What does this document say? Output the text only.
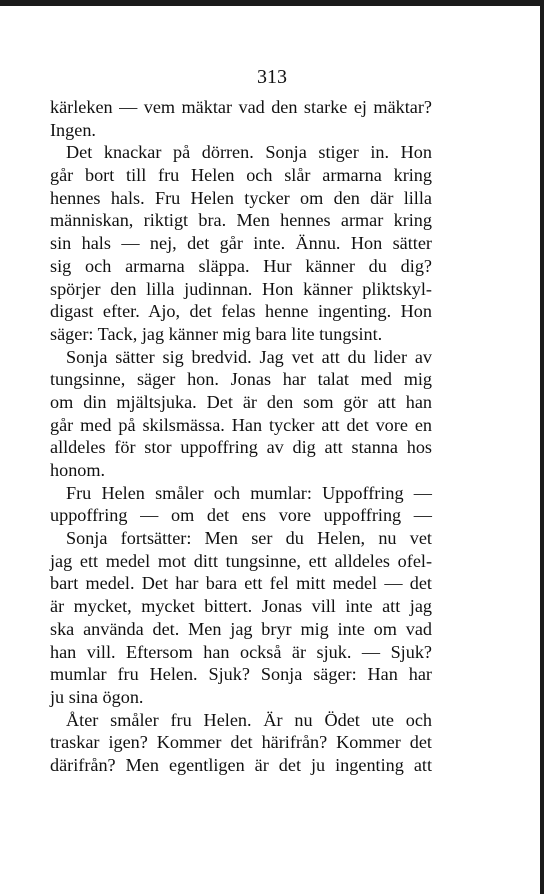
313
kärleken — vem mäktar vad den starke ej mäktar?
Ingen.
Det knackar på dörren. Sonja stiger in. Hon
går bort till fru Helen och slår armarna kring
hennes hals. Fru Helen tycker om den där lilla
människan, riktigt bra. Men hennes armar kring
sin hals — nej, det går inte. Ännu. Hon sätter
sig och armarna släppa. Hur känner du dig?
spörjer den lilla judinnan. Hon känner pliktskyl-
digast efter. Ajo, det felas henne ingenting. Hon
säger: Tack, jag känner mig bara lite tungsint.
Sonja sätter sig bredvid. Jag vet att du lider av
tungsinne, säger hon. Jonas har talat med mig
om din mjältsjuka. Det är den som gör att han
går med på skilsmässa. Han tycker att det vore en
alldeles för stor uppoffring av dig att stanna hos
honom.
Fru Helen småler och mumlar: Uppoffring —
uppoffring — om det ens vore uppoffring —
Sonja fortsätter: Men ser du Helen, nu vet
jag ett medel mot ditt tungsinne, ett alldeles ofel-
bart medel. Det har bara ett fel mitt medel — det
är mycket, mycket bittert. Jonas vill inte att jag
ska använda det. Men jag bryr mig inte om vad
han vill. Eftersom han också är sjuk. — Sjuk?
mumlar fru Helen. Sjuk? Sonja säger: Han har
ju sina ögon.
Åter småler fru Helen. Är nu Ödet ute och
traskar igen? Kommer det härifrån? Kommer det
därifrån? Men egentligen är det ju ingenting att
